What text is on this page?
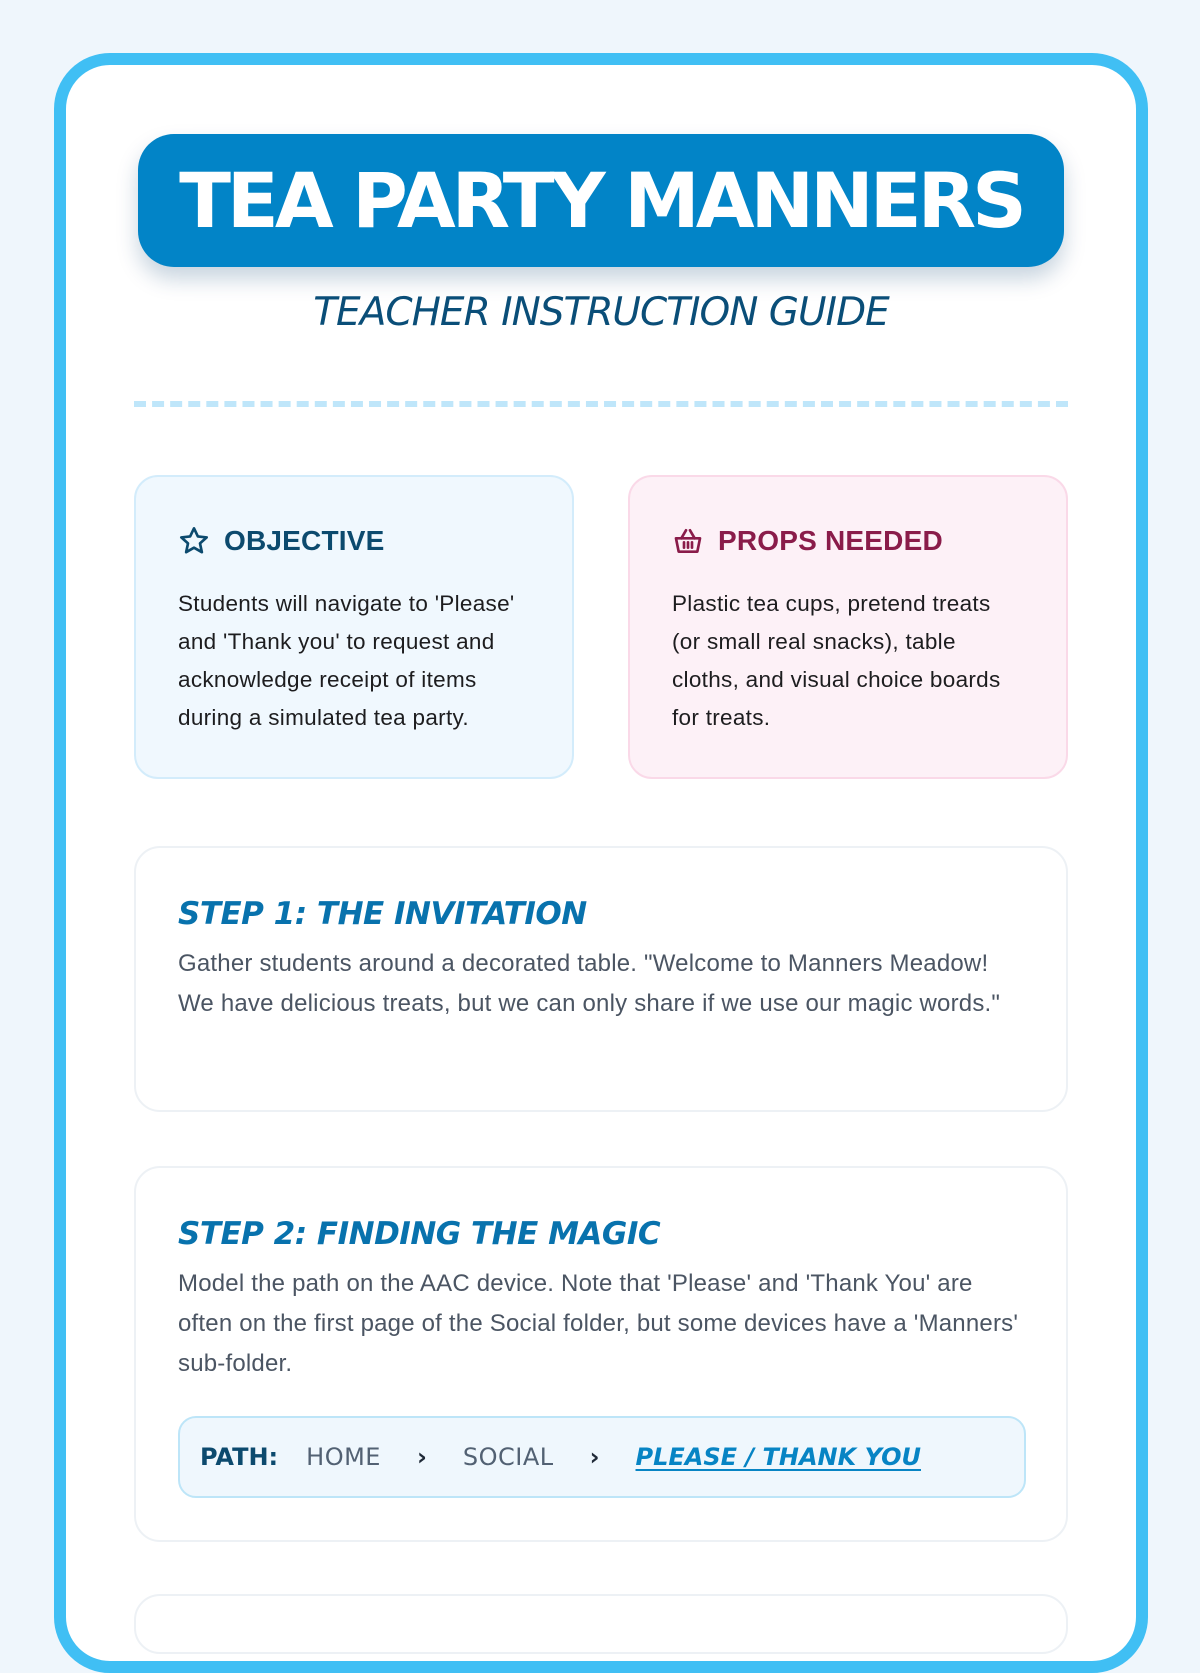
TEA PARTY MANNERS
TEACHER INSTRUCTION GUIDE
OBJECTIVE

Students will navigate to 'Please' and 'Thank you' to request and acknowledge receipt of items during a simulated tea party.

PROPS NEEDED

Plastic tea cups, pretend treats (or small real snacks), table cloths, and visual choice boards for treats.

STEP 1: THE INVITATION

Gather students around a decorated table. "Welcome to Manners Meadow! We have delicious treats, but we can only share if we use our magic words."

STEP 2: FINDING THE MAGIC

Model the path on the AAC device. Note that 'Please' and 'Thank You' are often on the first page of the Social folder, but some devices have a 'Manners' sub-folder.

PATH: HOME › SOCIAL › PLEASE / THANK YOU
